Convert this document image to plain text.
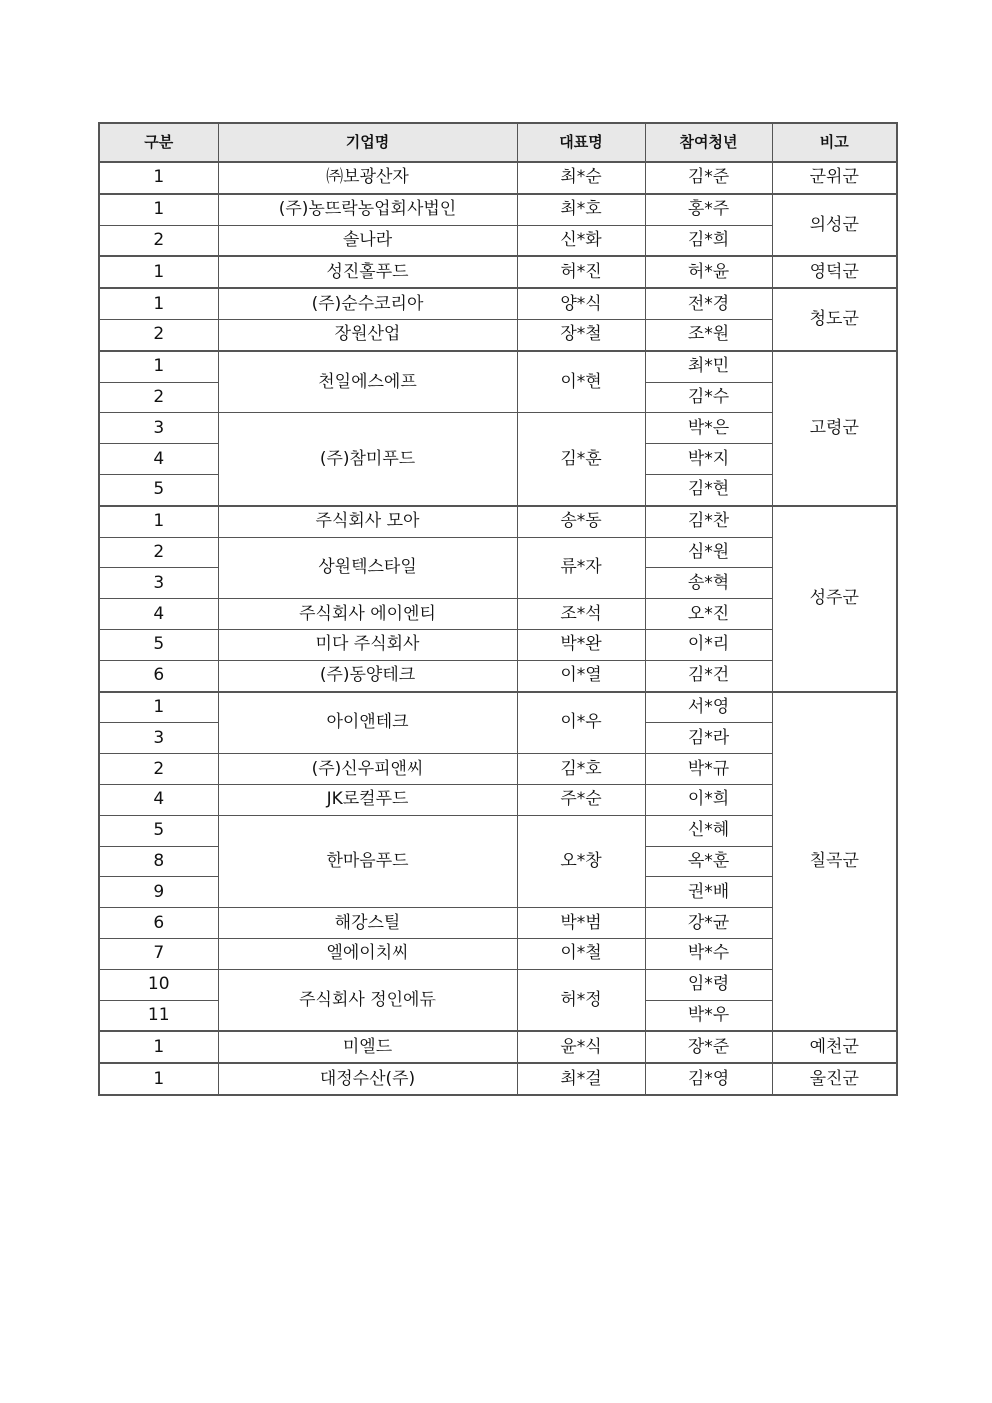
구분	기업명	대표명	참여청년	비고
1	㈜보광산자	최*순	김*준	군위군
1	(주)농뜨락농업회사법인	최*호	홍*주	의성군
2	솔나라	신*화	김*희	
1	성진홀푸드	허*진	허*윤	영덕군
1	(주)순수코리아	양*식	전*경	청도군
2	장원산업	장*철	조*원	
1	천일에스에프	이*현	최*민	고령군
2			김*수	
3	(주)참미푸드	김*훈	박*은	
4			박*지	
5			김*현	
1	주식회사 모아	송*동	김*찬	성주군
2	상원텍스타일	류*자	심*원	
3			송*혁	
4	주식회사 에이엔티	조*석	오*진	
5	미다 주식회사	박*완	이*리	
6	(주)동양테크	이*열	김*건	
1	아이앤테크	이*우	서*영	칠곡군
3			김*라	
2	(주)신우피앤씨	김*호	박*규	
4	JK로컬푸드	주*순	이*희	
5	한마음푸드	오*창	신*혜	
8			옥*훈	
9			권*배	
6	해강스틸	박*범	강*균	
7	엘에이치씨	이*철	박*수	
10	주식회사 정인에듀	허*정	임*령	
11			박*우	
1	미엘드	윤*식	장*준	예천군
1	대정수산(주)	최*걸	김*영	울진군
